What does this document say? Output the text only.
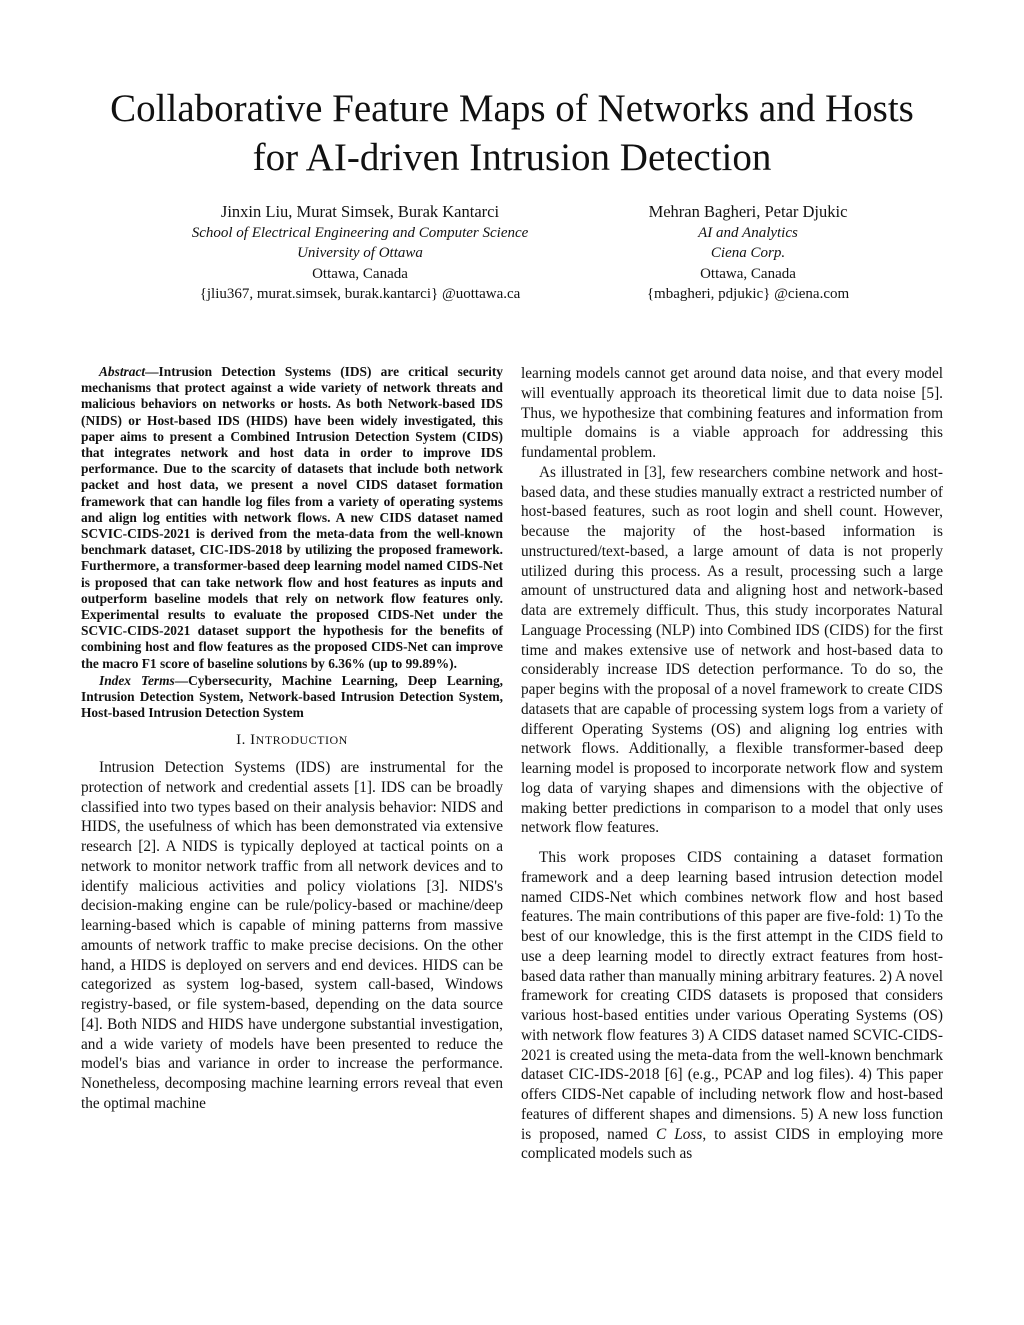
Collaborative Feature Maps of Networks and Hosts
for AI-driven Intrusion Detection
Jinxin Liu, Murat Simsek, Burak Kantarci
School of Electrical Engineering and Computer Science
University of Ottawa
Ottawa, Canada
{jliu367, murat.simsek, burak.kantarci} @uottawa.ca
Mehran Bagheri, Petar Djukic
AI and Analytics
Ciena Corp.
Ottawa, Canada
{mbagheri, pdjukic} @ciena.com

Abstract—Intrusion Detection Systems (IDS) are critical security mechanisms that protect against a wide variety of network threats and malicious behaviors on networks or hosts. As both Network-based IDS (NIDS) or Host-based IDS (HIDS) have been widely investigated, this paper aims to present a Combined Intrusion Detection System (CIDS) that integrates network and host data in order to improve IDS performance. Due to the scarcity of datasets that include both network packet and host data, we present a novel CIDS dataset formation framework that can handle log files from a variety of operating systems and align log entities with network flows. A new CIDS dataset named SCVIC-CIDS-2021 is derived from the meta-data from the well-known benchmark dataset, CIC-IDS-2018 by utilizing the proposed framework. Furthermore, a transformer-based deep learning model named CIDS-Net is proposed that can take network flow and host features as inputs and outperform baseline models that rely on network flow features only. Experimental results to evaluate the proposed CIDS-Net under the SCVIC-CIDS-2021 dataset support the hypothesis for the benefits of combining host and flow features as the proposed CIDS-Net can improve the macro F1 score of baseline solutions by 6.36% (up to 99.89%).

Index Terms—Cybersecurity, Machine Learning, Deep Learning, Intrusion Detection System, Network-based Intrusion Detection System, Host-based Intrusion Detection System

I. INTRODUCTION

Intrusion Detection Systems (IDS) are instrumental for the protection of network and credential assets [1]. IDS can be broadly classified into two types based on their analysis behavior: NIDS and HIDS, the usefulness of which has been demonstrated via extensive research [2]. A NIDS is typically deployed at tactical points on a network to monitor network traffic from all network devices and to identify malicious activities and policy violations [3]. NIDS's decision-making engine can be rule/policy-based or machine/deep learning-based which is capable of mining patterns from massive amounts of network traffic to make precise decisions. On the other hand, a HIDS is deployed on servers and end devices. HIDS can be categorized as system log-based, system call-based, Windows registry-based, or file system-based, depending on the data source [4]. Both NIDS and HIDS have undergone substantial investigation, and a wide variety of models have been presented to reduce the model's bias and variance in order to increase the performance. Nonetheless, decomposing machine learning errors reveal that even the optimal machine

learning models cannot get around data noise, and that every model will eventually approach its theoretical limit due to data noise [5]. Thus, we hypothesize that combining features and information from multiple domains is a viable approach for addressing this fundamental problem.

As illustrated in [3], few researchers combine network and host-based data, and these studies manually extract a restricted number of host-based features, such as root login and shell count. However, because the majority of the host-based information is unstructured/text-based, a large amount of data is not properly utilized during this process. As a result, processing such a large amount of unstructured data and aligning host and network-based data are extremely difficult. Thus, this study incorporates Natural Language Processing (NLP) into Combined IDS (CIDS) for the first time and makes extensive use of network and host-based data to considerably increase IDS detection performance. To do so, the paper begins with the proposal of a novel framework to create CIDS datasets that are capable of processing system logs from a variety of different Operating Systems (OS) and aligning log entries with network flows. Additionally, a flexible transformer-based deep learning model is proposed to incorporate network flow and system log data of varying shapes and dimensions with the objective of making better predictions in comparison to a model that only uses network flow features.

This work proposes CIDS containing a dataset formation framework and a deep learning based intrusion detection model named CIDS-Net which combines network flow and host based features. The main contributions of this paper are five-fold: 1) To the best of our knowledge, this is the first attempt in the CIDS field to use a deep learning model to directly extract features from host-based data rather than manually mining arbitrary features. 2) A novel framework for creating CIDS datasets is proposed that considers various host-based entities under various Operating Systems (OS) with network flow features 3) A CIDS dataset named SCVIC-CIDS-2021 is created using the meta-data from the well-known benchmark dataset CIC-IDS-2018 [6] (e.g., PCAP and log files). 4) This paper offers CIDS-Net capable of including network flow and host-based features of different shapes and dimensions. 5) A new loss function is proposed, named C Loss, to assist CIDS in employing more complicated models such as
